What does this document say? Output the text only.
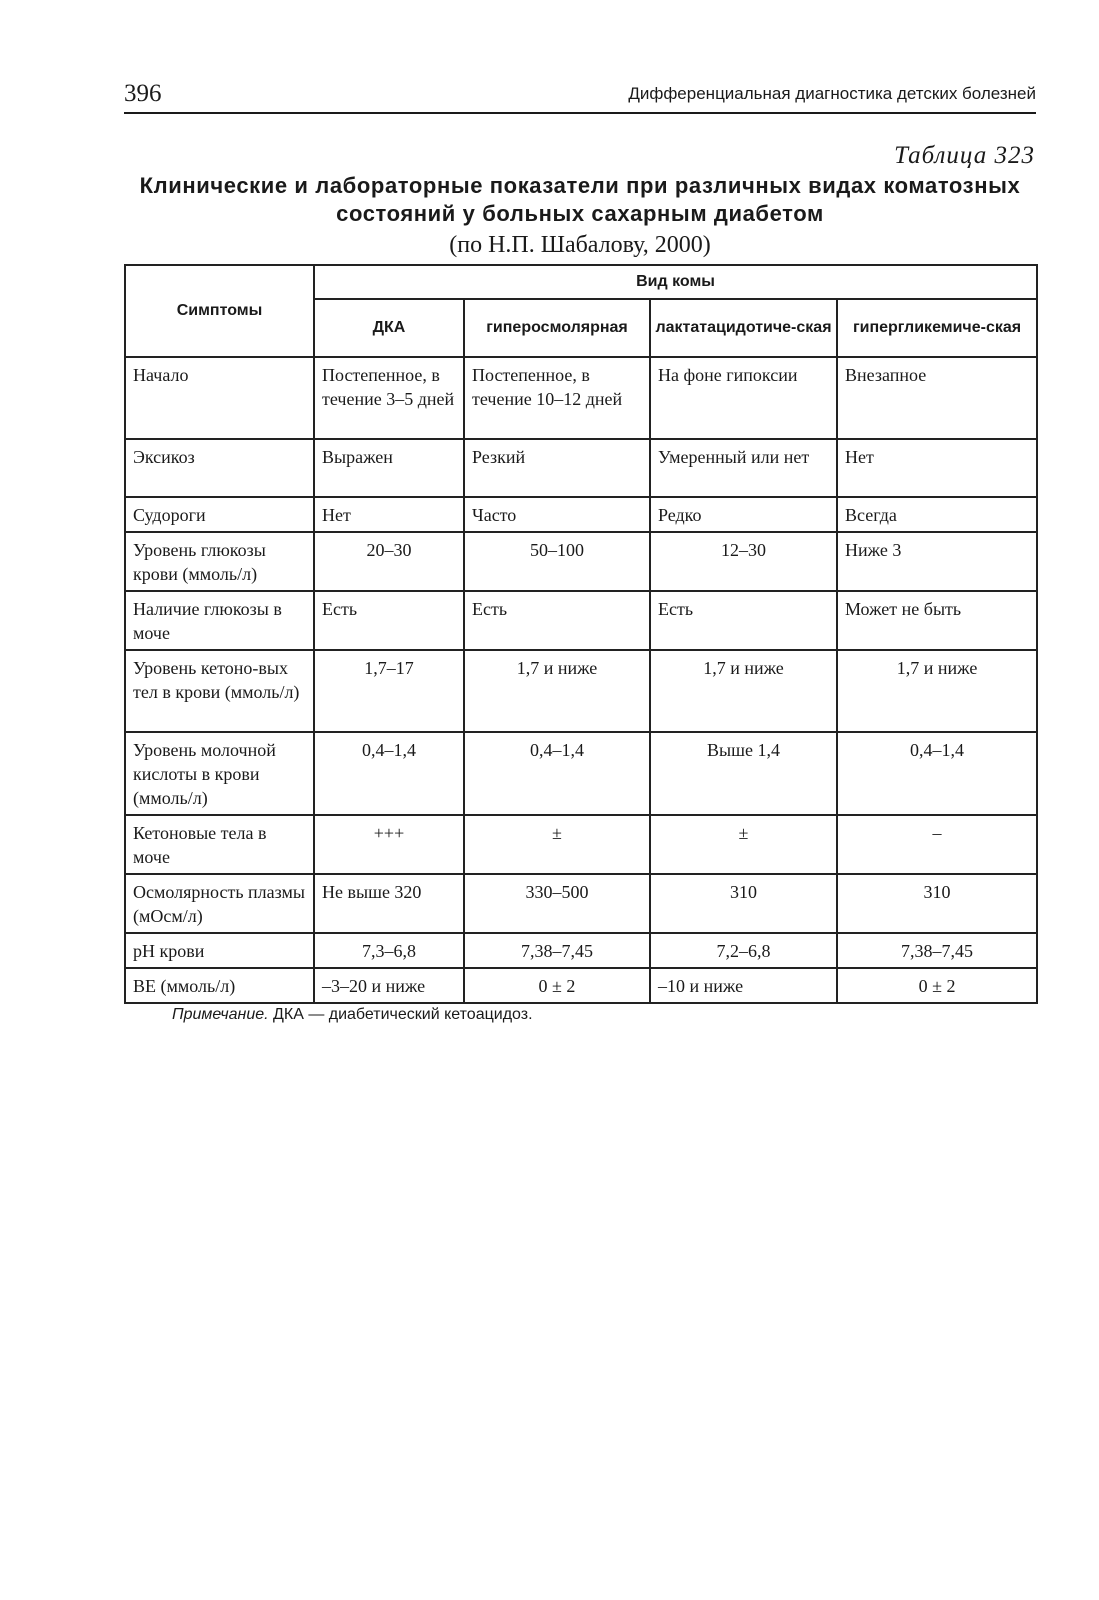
396	Дифференциальная диагностика детских болезней
Таблица 323
Клинические и лабораторные показатели при различных видах коматозных
состояний у больных сахарным диабетом
(по Н.П. Шабалову, 2000)
Симптомы	Вид комы			
	ДКА	гиперосмолярная	лактатацидотиче-ская	гипергликемиче-ская
Начало	Постепенное, в течение 3–5 дней	Постепенное, в течение 10–12 дней	На фоне гипоксии	Внезапное
Эксикоз	Выражен	Резкий	Умеренный или нет	Нет
Судороги	Нет	Часто	Редко	Всегда
Уровень глюкозы крови (ммоль/л)	20–30	50–100	12–30	Ниже 3
Наличие глюкозы в моче	Есть	Есть	Есть	Может не быть
Уровень кетоно-вых тел в крови (ммоль/л)	1,7–17	1,7 и ниже	1,7 и ниже	1,7 и ниже
Уровень молочной кислоты в крови (ммоль/л)	0,4–1,4	0,4–1,4	Выше 1,4	0,4–1,4
Кетоновые тела в моче	+++	±	±	–
Осмолярность плазмы (мОсм/л)	Не выше 320	330–500	310	310
pH крови	7,3–6,8	7,38–7,45	7,2–6,8	7,38–7,45
BE (ммоль/л)	–3–20 и ниже	0 ± 2	–10 и ниже	0 ± 2
Примечание. ДКА — диабетический кетоацидоз.
